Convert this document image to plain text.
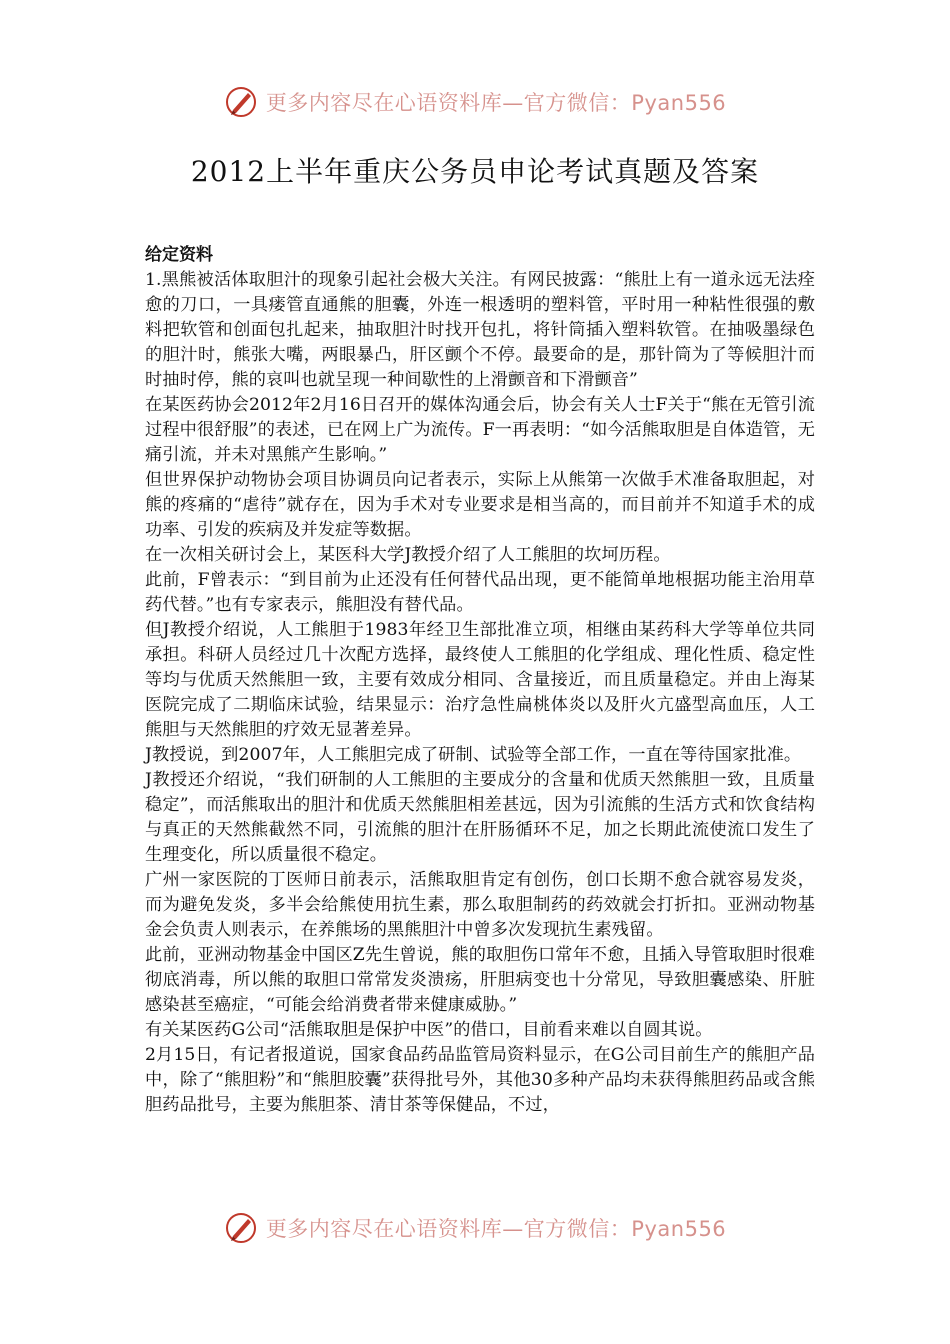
更多内容尽在心语资料库—官方微信：Pyan556
2012上半年重庆公务员申论考试真题及答案

给定资料

1.黑熊被活体取胆汁的现象引起社会极大关注。有网民披露：“熊肚上有一道永远无法痊愈的刀口，一具瘘管直通熊的胆囊，外连一根透明的塑料管，平时用一种粘性很强的敷料把软管和创面包扎起来，抽取胆汁时找开包扎，将针筒插入塑料软管。在抽吸墨绿色的胆汁时，熊张大嘴，两眼暴凸，肝区颤个不停。最要命的是，那针筒为了等候胆汁而时抽时停，熊的哀叫也就呈现一种间歇性的上滑颤音和下滑颤音”

在某医药协会2012年2月16日召开的媒体沟通会后，协会有关人士F关于“熊在无管引流过程中很舒服”的表述，已在网上广为流传。F一再表明：“如今活熊取胆是自体造管，无痛引流，并未对黑熊产生影响。”

但世界保护动物协会项目协调员向记者表示，实际上从熊第一次做手术准备取胆起，对熊的疼痛的“虐待”就存在，因为手术对专业要求是相当高的，而目前并不知道手术的成功率、引发的疾病及并发症等数据。

在一次相关研讨会上，某医科大学J教授介绍了人工熊胆的坎坷历程。

此前，F曾表示：“到目前为止还没有任何替代品出现，更不能简单地根据功能主治用草药代替。”也有专家表示，熊胆没有替代品。

但J教授介绍说，人工熊胆于1983年经卫生部批准立项，相继由某药科大学等单位共同承担。科研人员经过几十次配方选择，最终使人工熊胆的化学组成、理化性质、稳定性等均与优质天然熊胆一致，主要有效成分相同、含量接近，而且质量稳定。并由上海某医院完成了二期临床试验，结果显示：治疗急性扁桃体炎以及肝火亢盛型高血压，人工熊胆与天然熊胆的疗效无显著差异。

J教授说，到2007年，人工熊胆完成了研制、试验等全部工作，一直在等待国家批准。

J教授还介绍说，“我们研制的人工熊胆的主要成分的含量和优质天然熊胆一致，且质量稳定”，而活熊取出的胆汁和优质天然熊胆相差甚远，因为引流熊的生活方式和饮食结构与真正的天然熊截然不同，引流熊的胆汁在肝肠循环不足，加之长期此流使流口发生了生理变化，所以质量很不稳定。

广州一家医院的丁医师日前表示，活熊取胆肯定有创伤，创口长期不愈合就容易发炎，而为避免发炎，多半会给熊使用抗生素，那么取胆制药的药效就会打折扣。亚洲动物基金会负责人则表示，在养熊场的黑熊胆汁中曾多次发现抗生素残留。

此前，亚洲动物基金中国区Z先生曾说，熊的取胆伤口常年不愈，且插入导管取胆时很难彻底消毒，所以熊的取胆口常常发炎溃疡，肝胆病变也十分常见，导致胆囊感染、肝脏感染甚至癌症，“可能会给消费者带来健康威胁。”

有关某医药G公司“活熊取胆是保护中医”的借口，目前看来难以自圆其说。

2月15日，有记者报道说，国家食品药品监管局资料显示，在G公司目前生产的熊胆产品中，除了“熊胆粉”和“熊胆胶囊”获得批号外，其他30多种产品均未获得熊胆药品或含熊胆药品批号，主要为熊胆茶、清甘茶等保健品，不过，

更多内容尽在心语资料库—官方微信：Pyan556
